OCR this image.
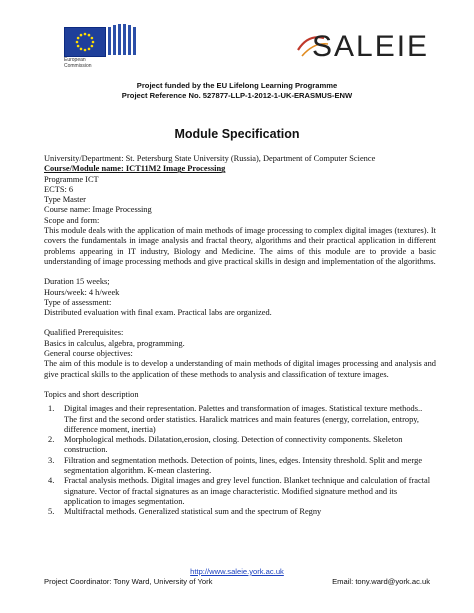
European
Commission
SALEIE
Project funded by the EU Lifelong Learning Programme
Project Reference No. 527877-LLP-1-2012-1-UK-ERASMUS-ENW
Module Specification

University/Department: St. Petersburg State University (Russia), Department of Computer Science

Course/Module name: ICT11M2 Image Processing

Programme ICT

ECTS: 6

Type Master

Course name: Image Processing

Scope and form:

This module deals with the application of main methods of image processing to complex digital images (textures). It covers the fundamentals in image analysis and fractal theory, algorithms and their practical application in different problems appearing in IT industry, Biology and Medicine. The aims of this module are to provide a basic understanding of image processing methods and give practical skills in design and implementation of the algorithms.

Duration 15 weeks;

Hours/week: 4 h/week

Type of assessment:

Distributed evaluation with final exam. Practical labs are organized.

Qualified Prerequisites:

Basics in calculus, algebra, programming.

General course objectives:

The aim of this module is to develop a understanding of main methods of digital images processing and analysis and give practical skills to the application of these methods to analysis and classification of texture images.

Topics and short description

1. Digital images and their representation. Palettes and transformation of images. Statistical texture methods.. The first and the second order statistics. Haralick matrices and main features (energy, correlation, entropy, difference moment, inertia)
2. Morphological methods. Dilatation,erosion, closing. Detection of connectivity components. Skeleton construction.
3. Filtration and segmentation methods. Detection of points, lines, edges. Intensity threshold. Split and merge segmentation algorithm. K-mean clastering.
4. Fractal analysis methods. Digital images and grey level function. Blanket technique and calculation of fractal signature. Vector of fractal signatures as an image characteristic. Modified signature method and its application to images segmentation.
5. Multifractal methods. Generalized statistical sum and the spectrum of Regny
http://www.saleie.york.ac.uk
Project Coordinator: Tony Ward, University of York	Email: tony.ward@york.ac.uk
